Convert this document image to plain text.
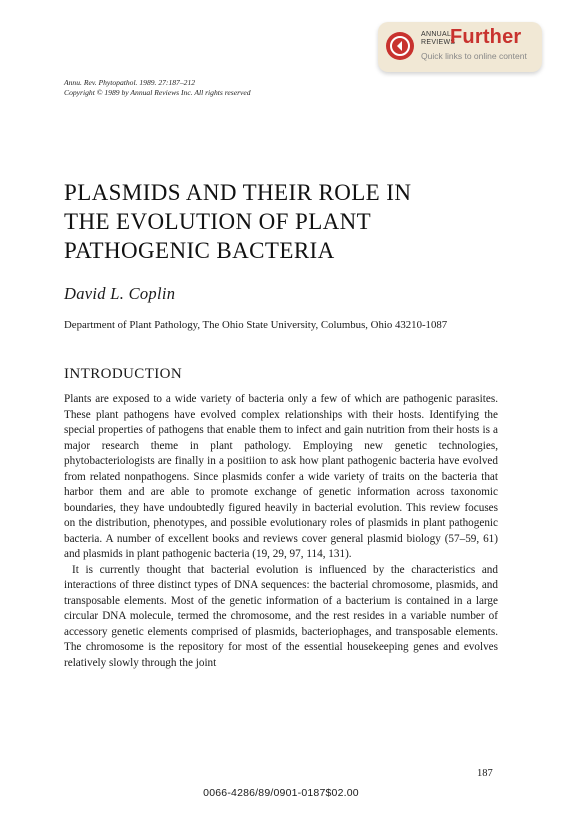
ANNUAL
REVIEWS
Further
Quick links to online content
Annu. Rev. Phytopathol. 1989. 27:187–212
Copyright © 1989 by Annual Reviews Inc. All rights reserved
PLASMIDS AND THEIR ROLE IN
THE EVOLUTION OF PLANT
PATHOGENIC BACTERIA
David L. Coplin
Department of Plant Pathology, The Ohio State University, Columbus, Ohio 43210-1087
INTRODUCTION

Plants are exposed to a wide variety of bacteria only a few of which are pathogenic parasites. These plant pathogens have evolved complex relationships with their hosts. Identifying the special properties of pathogens that enable them to infect and gain nutrition from their hosts is a major research theme in plant pathology. Employing new genetic technologies, phytobacteriologists are finally in a positiion to ask how plant pathogenic bacteria have evolved from related nonpathogens. Since plasmids confer a wide variety of traits on the bacteria that harbor them and are able to promote exchange of genetic information across taxonomic boundaries, they have undoubtedly figured heavily in bacterial evolution. This review focuses on the distribution, phenotypes, and possible evolutionary roles of plasmids in plant pathogenic bacteria. A number of excellent books and reviews cover general plasmid biology (57–59, 61) and plasmids in plant pathogenic bacteria (19, 29, 97, 114, 131).

It is currently thought that bacterial evolution is influenced by the characteristics and interactions of three distinct types of DNA sequences: the bacterial chromosome, plasmids, and transposable elements. Most of the genetic information of a bacterium is contained in a large circular DNA molecule, termed the chromosome, and the rest resides in a variable number of accessory genetic elements comprised of plasmids, bacteriophages, and transposable elements. The chromosome is the repository for most of the essential housekeeping genes and evolves relatively slowly through the joint

187
0066-4286/89/0901-0187$02.00
